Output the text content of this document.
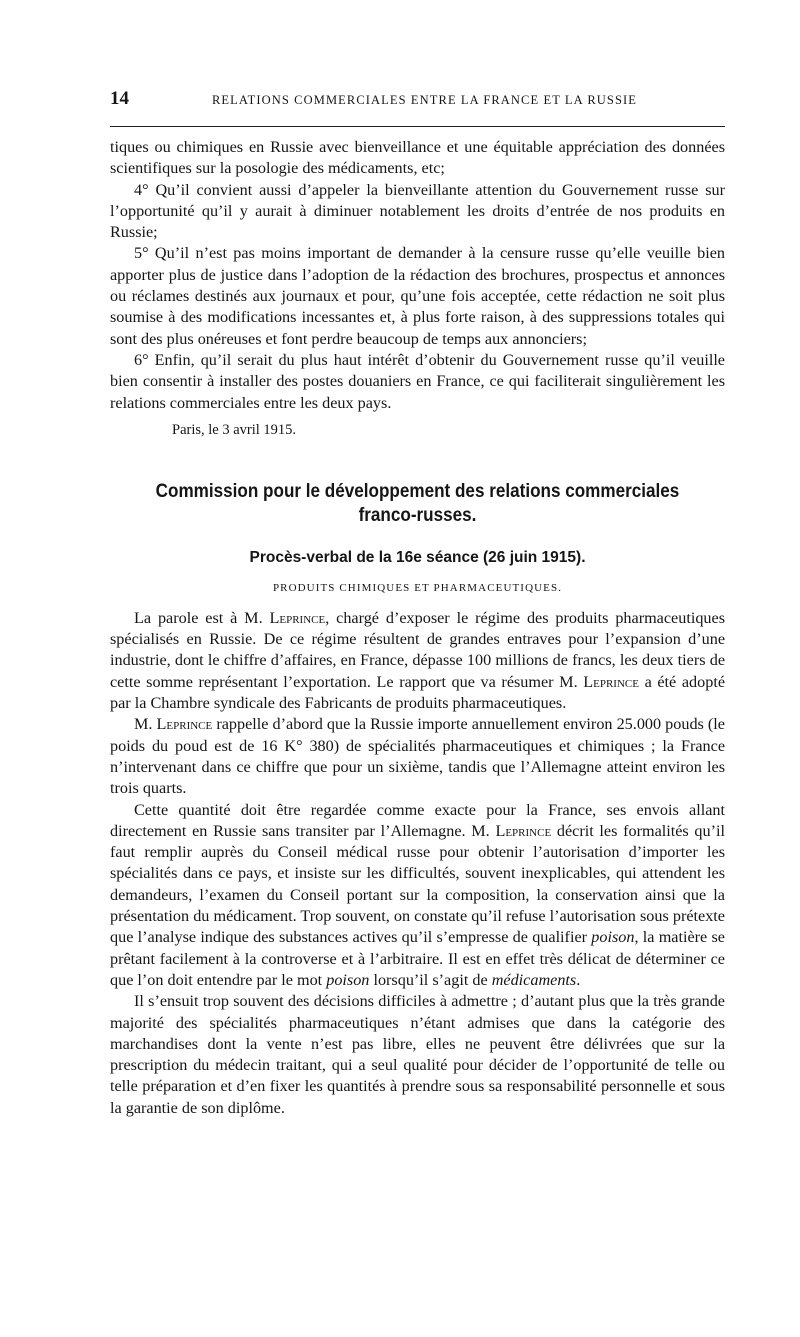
14	RELATIONS COMMERCIALES ENTRE LA FRANCE ET LA RUSSIE

tiques ou chimiques en Russie avec bienveillance et une équitable appréciation des données scientifiques sur la posologie des médicaments, etc;

4° Qu’il convient aussi d’appeler la bienveillante attention du Gouvernement russe sur l’opportunité qu’il y aurait à diminuer notablement les droits d’entrée de nos produits en Russie;

5° Qu’il n’est pas moins important de demander à la censure russe qu’elle veuille bien apporter plus de justice dans l’adoption de la rédaction des brochures, prospectus et annonces ou réclames destinés aux journaux et pour, qu’une fois acceptée, cette rédaction ne soit plus soumise à des modifications incessantes et, à plus forte raison, à des suppressions totales qui sont des plus onéreuses et font perdre beaucoup de temps aux annonciers;

6° Enfin, qu’il serait du plus haut intérêt d’obtenir du Gouvernement russe qu’il veuille bien consentir à installer des postes douaniers en France, ce qui faciliterait singulièrement les relations commerciales entre les deux pays.

Paris, le 3 avril 1915.
Commission pour le développement des relations commerciales franco-russes.
Procès-verbal de la 16e séance (26 juin 1915).
PRODUITS CHIMIQUES ET PHARMACEUTIQUES.

La parole est à M. Leprince, chargé d’exposer le régime des produits pharmaceutiques spécialisés en Russie. De ce régime résultent de grandes entraves pour l’expansion d’une industrie, dont le chiffre d’affaires, en France, dépasse 100 millions de francs, les deux tiers de cette somme représentant l’exportation. Le rapport que va résumer M. Leprince a été adopté par la Chambre syndicale des Fabricants de produits pharmaceutiques.

M. Leprince rappelle d’abord que la Russie importe annuellement environ 25.000 pouds (le poids du poud est de 16 K° 380) de spécialités pharmaceutiques et chimiques ; la France n’intervenant dans ce chiffre que pour un sixième, tandis que l’Allemagne atteint environ les trois quarts.

Cette quantité doit être regardée comme exacte pour la France, ses envois allant directement en Russie sans transiter par l’Allemagne. M. Leprince décrit les formalités qu’il faut remplir auprès du Conseil médical russe pour obtenir l’autorisation d’importer les spécialités dans ce pays, et insiste sur les difficultés, souvent inexplicables, qui attendent les demandeurs, l’examen du Conseil portant sur la composition, la conservation ainsi que la présentation du médicament. Trop souvent, on constate qu’il refuse l’autorisation sous prétexte que l’analyse indique des substances actives qu’il s’empresse de qualifier poison, la matière se prêtant facilement à la controverse et à l’arbitraire. Il est en effet très délicat de déterminer ce que l’on doit entendre par le mot poison lorsqu’il s’agit de médicaments.

Il s’ensuit trop souvent des décisions difficiles à admettre ; d’autant plus que la très grande majorité des spécialités pharmaceutiques n’étant admises que dans la catégorie des marchandises dont la vente n’est pas libre, elles ne peuvent être délivrées que sur la prescription du médecin traitant, qui a seul qualité pour décider de l’opportunité de telle ou telle préparation et d’en fixer les quantités à prendre sous sa responsabilité personnelle et sous la garantie de son diplôme.
